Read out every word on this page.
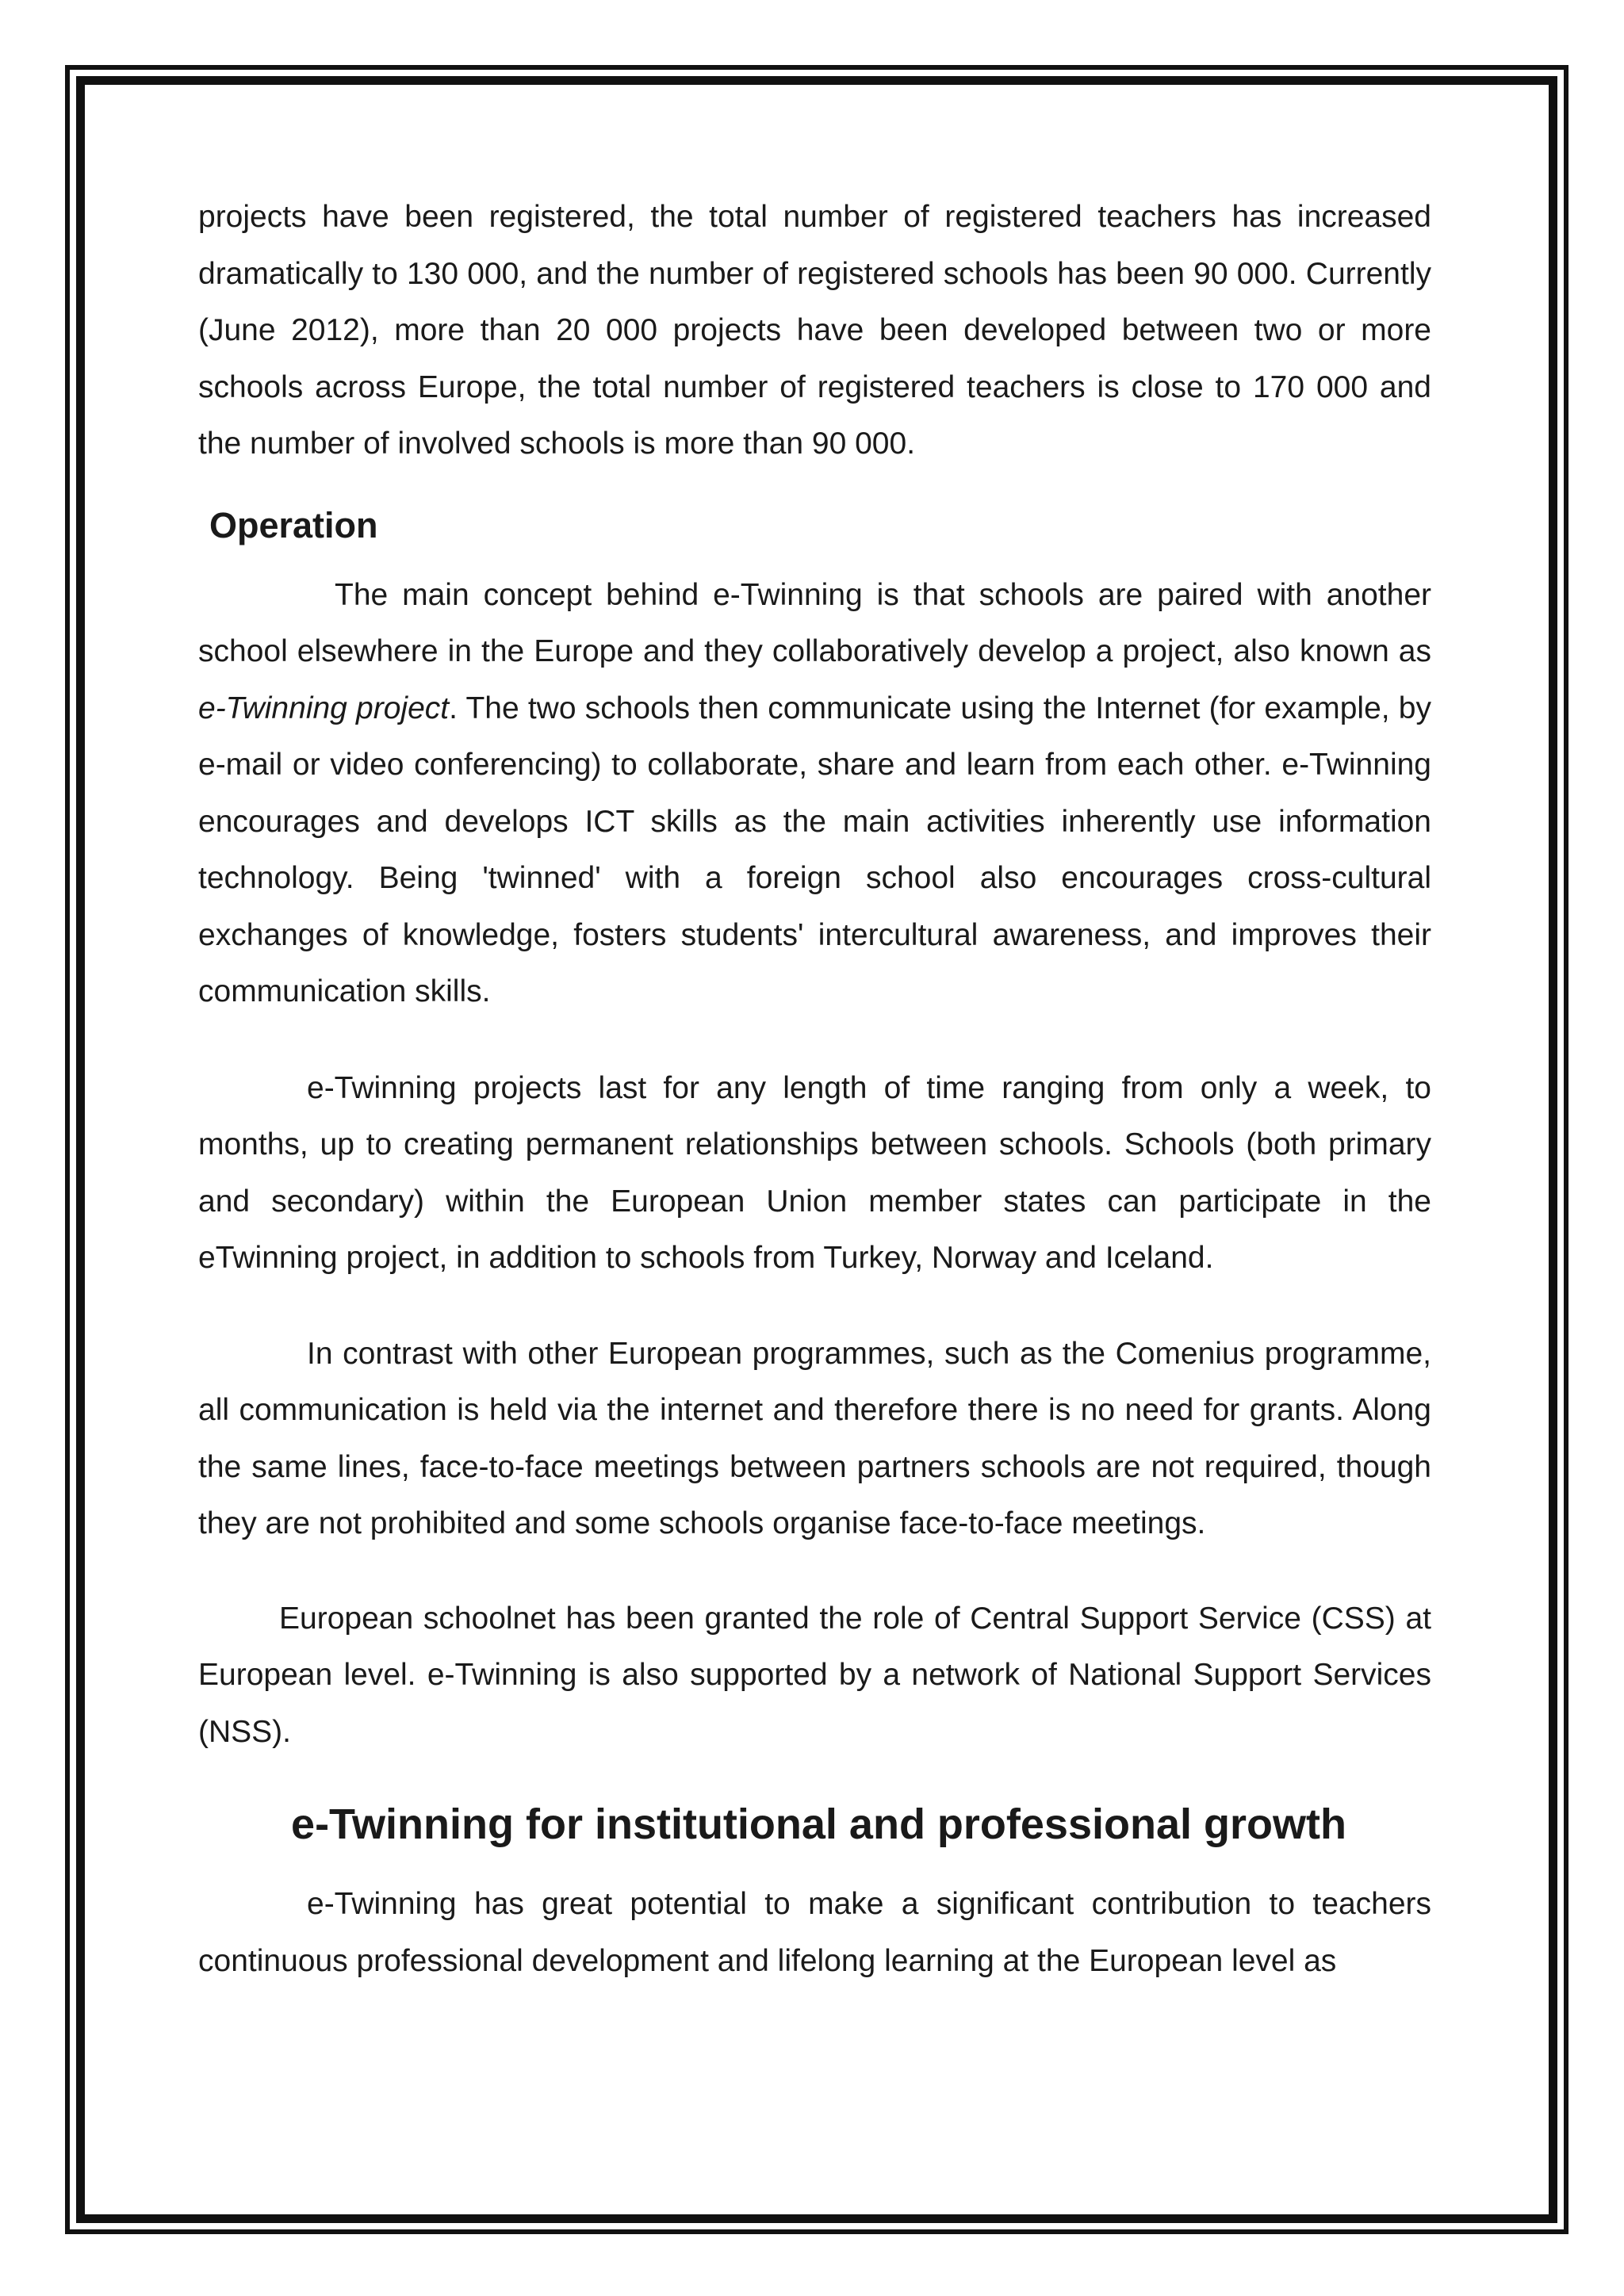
projects have been registered, the total number of registered teachers has increased dramatically to 130 000, and the number of registered schools has been 90 000. Currently (June 2012), more than 20 000 projects have been developed between two or more schools across Europe, the total number of registered teachers is close to 170 000 and the number of involved schools is more than 90 000.

Operation

The main concept behind e-Twinning is that schools are paired with another school elsewhere in the Europe and they collaboratively develop a project, also known as e-Twinning project. The two schools then communicate using the Internet (for example, by e-mail or video conferencing) to collaborate, share and learn from each other. e-Twinning encourages and develops ICT skills as the main activities inherently use information technology. Being 'twinned' with a foreign school also encourages cross-cultural exchanges of knowledge, fosters students' intercultural awareness, and improves their communication skills.

e-Twinning projects last for any length of time ranging from only a week, to months, up to creating permanent relationships between schools. Schools (both primary and secondary) within the European Union member states can participate in the eTwinning project, in addition to schools from Turkey, Norway and Iceland.

In contrast with other European programmes, such as the Comenius programme, all communication is held via the internet and therefore there is no need for grants. Along the same lines, face-to-face meetings between partners schools are not required, though they are not prohibited and some schools organise face-to-face meetings.

European schoolnet has been granted the role of Central Support Service (CSS) at European level. e-Twinning is also supported by a network of National Support Services (NSS).

e-Twinning for institutional and professional growth

e-Twinning has great potential to make a significant contribution to teachers continuous professional development and lifelong learning at the European level as
